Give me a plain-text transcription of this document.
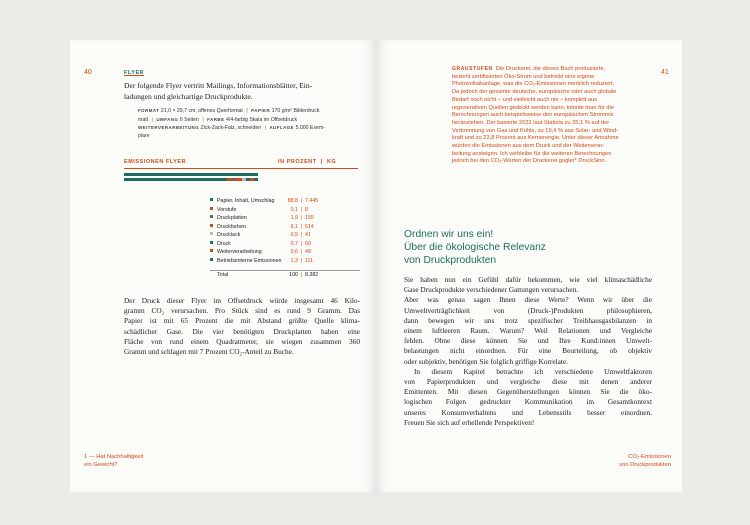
40	FLYER
Der folgende Flyer vertritt Mailings, Informationsblätter, Ein-
ladungen und gleichartige Druckprodukte.
FORMAT 21,0 × 29,7 cm, offenes Querformat | PAPIER 170 g/m² Bilderdruck
matt | UMFANG 6 Seiten | FARBE 4/4-farbig Skala im Offsetdruck
WEITERVERARBEITUNG Zick-Zack-Falz, schneiden | AUFLAGE 5.000 Exem-
plare
EMISSIONEN FLYER	IN PROZENT | KG
Papier, Inhalt, Umschlag	88,8 | 7.445
Vorstufe	0,1 | 8
Druckplatten	1,9 | 155
Druckfarben	6,1 | 514
Drucklack	0,5 | 41
Druck	0,7 | 60
Weiterverarbeitung	0,6 | 48
Betriebsinterne Emissionen	1,3 | 111
Total	100 | 8.382
Der Druck dieser Flyer im Offsetdruck würde insgesamt 46 Kilo-
gramm CO₂ verursachen. Pro Stück sind es rund 9 Gramm. Das
Papier ist mit 65 Prozent die mit Abstand größte Quelle klima-
schädlicher Gase. Die vier benötigten Druckplatten haben eine
Fläche von rund einem Quadratmeter, sie wiegen zusammen 360
Gramm und schlagen mit 7 Prozent CO₂-Anteil zu Buche.
1 — Hat Nachhaltigkeit
ein Gewicht?
41
GRAUSTUFEN Die Druckerei, die dieses Buch produzierte,
bezieht zertifizierten Öko-Strom und betreibt eine eigene
Photovoltaikanlage, was die CO₂-Emissionen merklich reduziert.
Da jedoch der gesamte deutsche, europäische oder auch globale
Bedarf noch nicht – und vielleicht auch nie – komplett aus
regenerativen Quellen gedeckt werden kann, könnte man für die
Berechnungen auch beispielsweise den europäischen Strommix
heranziehen. Der basierte 2022 laut Statista zu 35,1 % auf der
Verbrennung von Gas und Kohle, zu 19,4 % aus Solar- und Wind-
kraft und zu 23,8 Prozent aus Kernenergie. Unter dieser Annahme
würden die Emissionen aus dem Druck und der Weiterverar-
beitung ansteigen. Ich verbleibe für die weiteren Berechnungen
jedoch bei den CO₂-Werten der Druckerei gugler* DruckSinn.
Ordnen wir uns ein!
Über die ökologische Relevanz
von Druckprodukten
Sie haben nun ein Gefühl dafür bekommen, wie viel klimaschädliche
Gase Druckprodukte verschiedener Gattungen verursachen.
Aber was genau sagen Ihnen diese Werte? Wenn wir über die
Umweltverträglichkeit von (Druck-)Produkten philosophieren,
dann bewegen wir uns trotz spezifischer Treibhausgasbilanzen in
einem luftleeren Raum. Warum? Weil Relationen und Vergleiche
fehlen. Ohne diese können Sie und Ihre Kund:innen Umwelt-
belastungen nicht einordnen. Für eine Beurteilung, ob objektiv
oder subjektiv, benötigen Sie folglich griffige Korrelate.
In diesem Kapitel betrachte ich verschiedene Umweltfaktoren
von Papierprodukten und vergleiche diese mit denen anderer
Emittenten. Mit diesen Gegenüberstellungen können Sie die öko-
logischen Folgen gedruckter Kommunikation im Gesamtkontext
unseres Konsumverhaltens und Lebensstils besser einordnen.
Freuen Sie sich auf erhellende Perspektiven!
CO₂-Emissionen
von Druckprodukten
